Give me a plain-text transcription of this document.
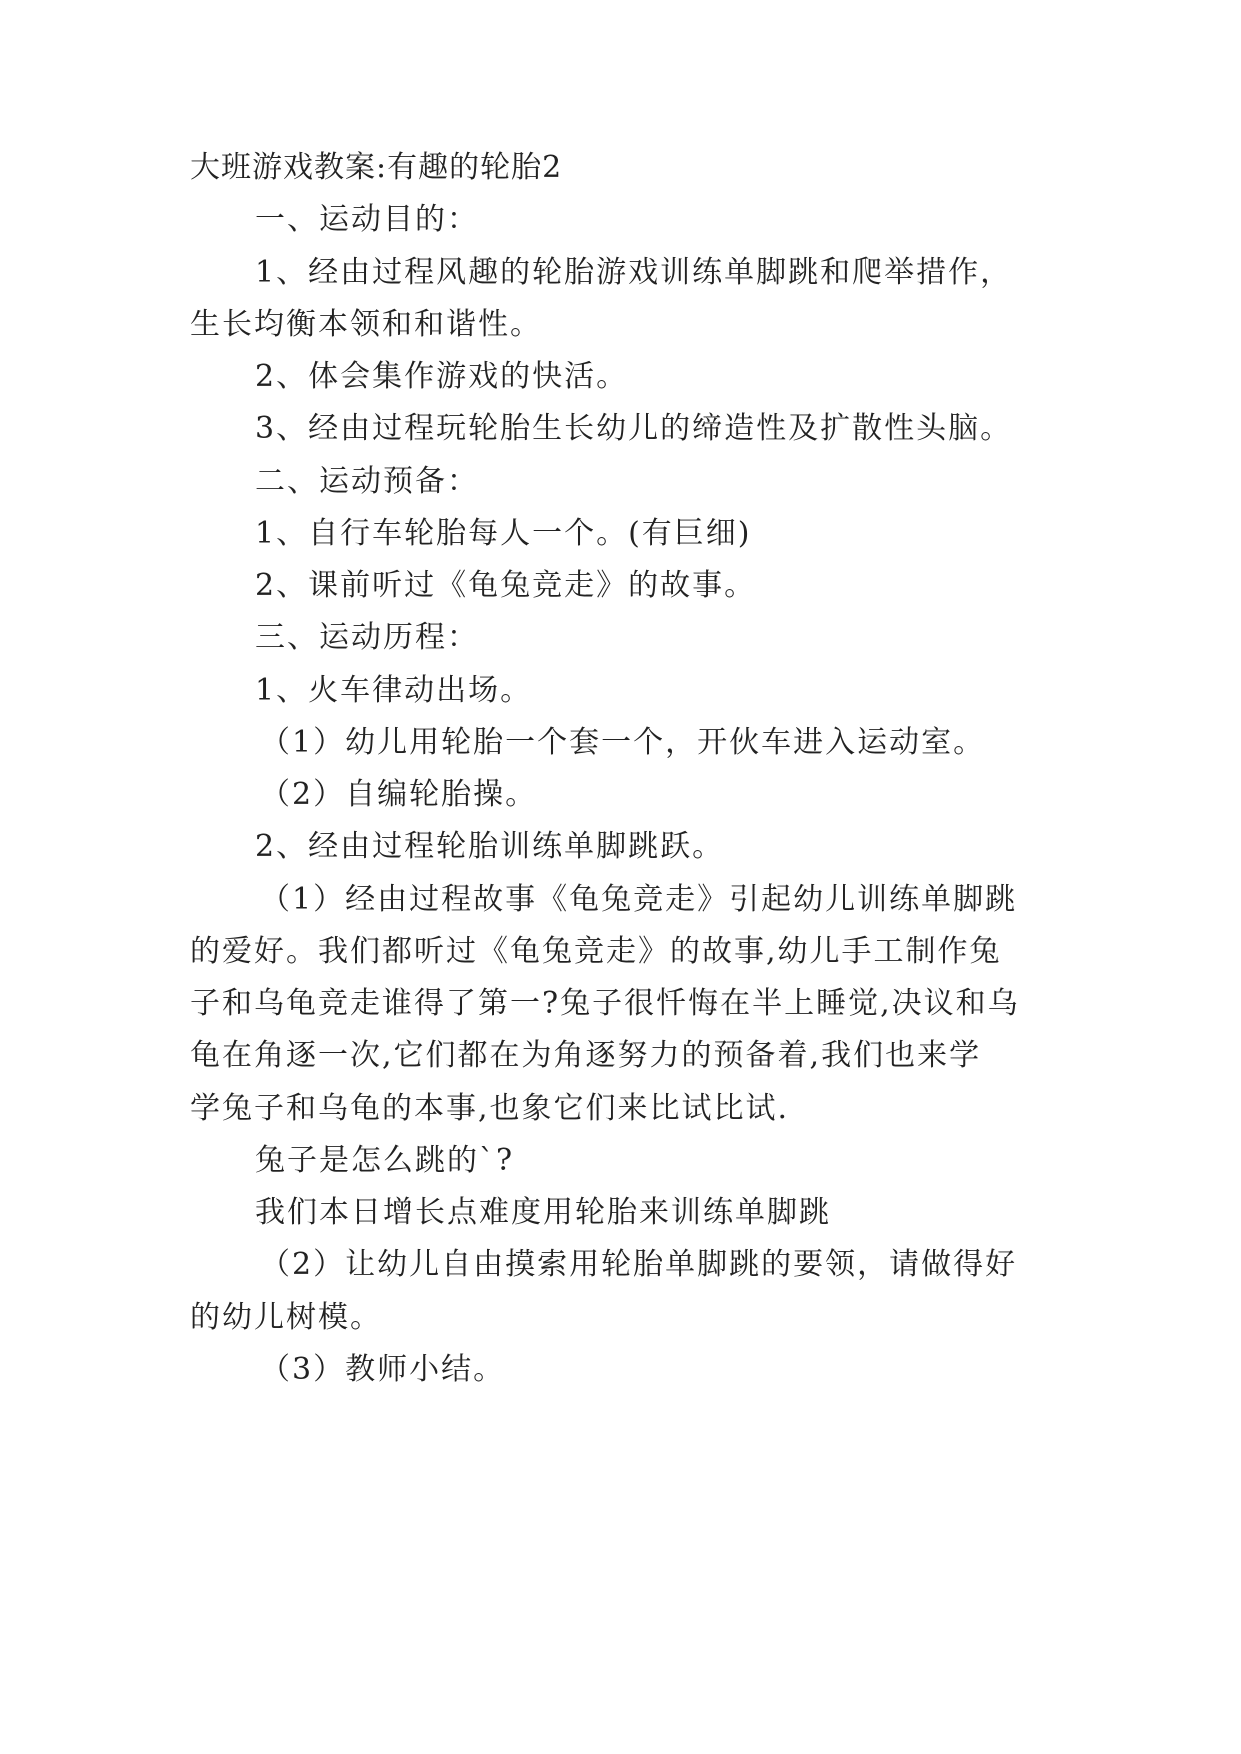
大班游戏教案:有趣的轮胎2
一、运动目的：
1、经由过程风趣的轮胎游戏训练单脚跳和爬举措作，
生长均衡本领和和谐性。
2、体会集作游戏的快活。
3、经由过程玩轮胎生长幼儿的缔造性及扩散性头脑。
二、运动预备：
1、自行车轮胎每人一个。(有巨细)
2、课前听过《龟兔竞走》的故事。
三、运动历程：
1、火车律动出场。
（1）幼儿用轮胎一个套一个，开伙车进入运动室。
（2）自编轮胎操。
2、经由过程轮胎训练单脚跳跃。
（1）经由过程故事《龟兔竞走》引起幼儿训练单脚跳
的爱好。我们都听过《龟兔竞走》的故事,幼儿手工制作兔
子和乌龟竞走谁得了第一?兔子很忏悔在半上睡觉,决议和乌
龟在角逐一次,它们都在为角逐努力的预备着,我们也来学
学兔子和乌龟的本事,也象它们来比试比试.
兔子是怎么跳的`?
我们本日增长点难度用轮胎来训练单脚跳
（2）让幼儿自由摸索用轮胎单脚跳的要领，请做得好
的幼儿树模。
（3）教师小结。
